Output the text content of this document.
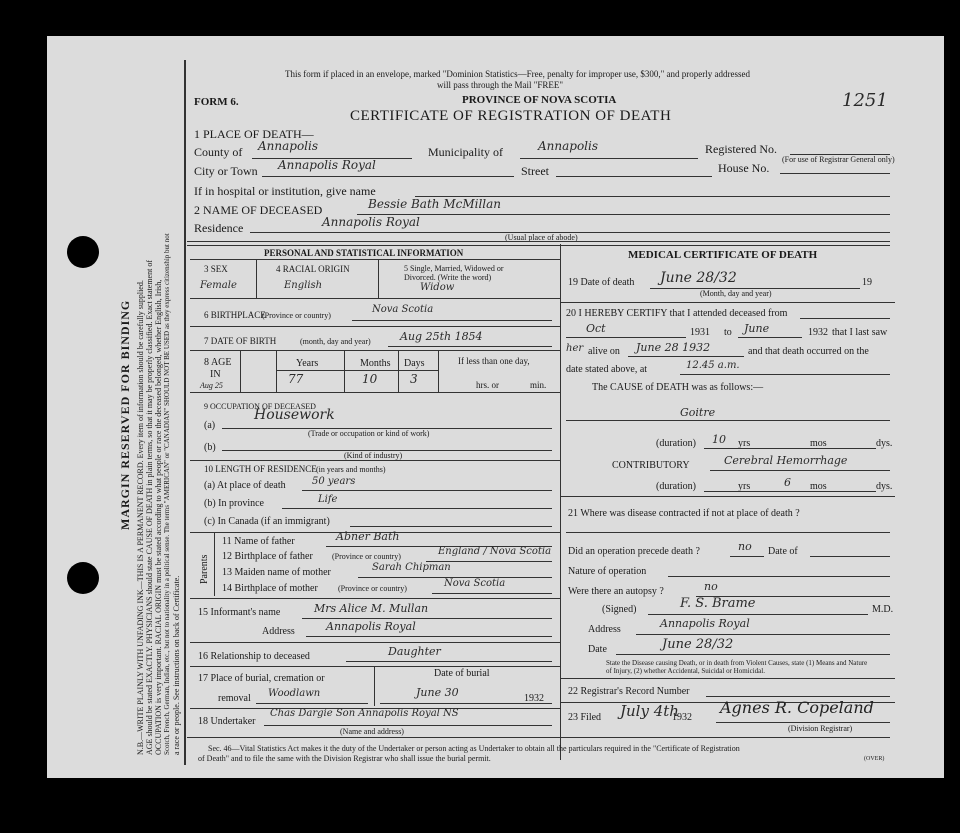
MARGIN RESERVED FOR BINDING N.B.—WRITE PLAINLY WITH UNFADING INK—THIS IS A PERMANENT RECORD. Every item of information should be carefully supplied. AGE should be stated EXACTLY. PHYSICIANS should state CAUSE OF DEATH in plain terms, so that it may be properly classified. Exact statement of OCCUPATION is very important. RACIAL ORIGIN must be stated according to what people or race the deceased belonged, whether English, Irish, Scotch, French, German, Indian, etc., but not to nationality in a political sense. The terms "AMERICAN" or "CANADIAN" SHOULD NOT BE USED as they express citizenship but not a race or people. See instructions on back of Certificate.
This form if placed in an envelope, marked "Dominion Statistics—Free, penalty for improper use, $300," and properly addressed
will pass through the Mail "FREE"
FORM 6.	PROVINCE OF NOVA SCOTIA
CERTIFICATE OF REGISTRATION OF DEATH
1251
1 PLACE OF DEATH—
County of Annapolis	Municipality of	Annapolis	Registered No.
(For use of Registrar General only)
City or Town Annapolis Royal	Street	House No.
If in hospital or institution, give name
2 NAME OF DECEASED	Bessie Bath McMillan
Residence	Annapolis Royal
(Usual place of abode)
PERSONAL AND STATISTICAL INFORMATION
3 SEX	4 RACIAL ORIGIN	5 Single, Married, Widowed or
Divorced. (Write the word)
Female	English	Widow
6 BIRTHPLACE
(Province or country)
Nova Scotia
7 DATE OF BIRTH	(month, day and year)	Aug 25th 1854
8 AGE
IN
Aug 25
Years	Months Days
77	10	3
If less than one day,
hrs. or	min.
9 OCCUPATION OF DECEASED
Housework
(a)
(Trade or occupation or kind of work)
(b)
(Kind of industry)
10 LENGTH OF RESIDENCE (in years and months)
(a) At place of death	50 years
(b) In province	Life
(c) In Canada (if an immigrant)
Parents
11 Name of father	Abner Bath
12 Birthplace of father (Province or country)	England / Nova Scotia
13 Maiden name of mother	Sarah Chipman
14 Birthplace of mother	(Province or country)	Nova Scotia
15 Informant's name	Mrs Alice M. Mullan
Address	Annapolis Royal
16 Relationship to deceased	Daughter
17 Place of burial, cremation or
removal Woodlawn
Date of burial
June 30	1932
18 Undertaker
Chas Dargie Son Annapolis Royal NS
(Name and address)
MEDICAL CERTIFICATE OF DEATH
19 Date of death June 28/32
(Month, day and year)
19
20 I HEREBY CERTIFY that I attended deceased from
Oct	1931 to June	1932 that I last saw
her alive on June 28 1932	and that death occurred on the
date stated above, at	12.45 a.m.
The CAUSE of DEATH was as follows:—
Goitre
(duration) 10 yrs	mos	dys.
CONTRIBUTORY	Cerebral Hemorrhage
(duration)	yrs	6 mos	dys.
21 Where was disease contracted if not at place of death ?
Did an operation precede death ?	no Date of
Nature of operation
Were there an autopsy ?	no
(Signed)	F. S. Brame	M.D.
Address	Annapolis Royal
Date	June 28/32
State the Disease causing Death, or in death from Violent Causes, state (1) Means and Nature
of Injury, (2) whether Accidental, Suicidal or Homicidal.
22 Registrar's Record Number
23 Filed July 4th
1932
Agnes R. Copeland
(Division Registrar)
Sec. 46—Vital Statistics Act makes it the duty of the Undertaker or person acting as Undertaker to obtain all the particulars required in the "Certificate of Registration
of Death" and to file the same with the Division Registrar who shall issue the burial permit.	(OVER)
